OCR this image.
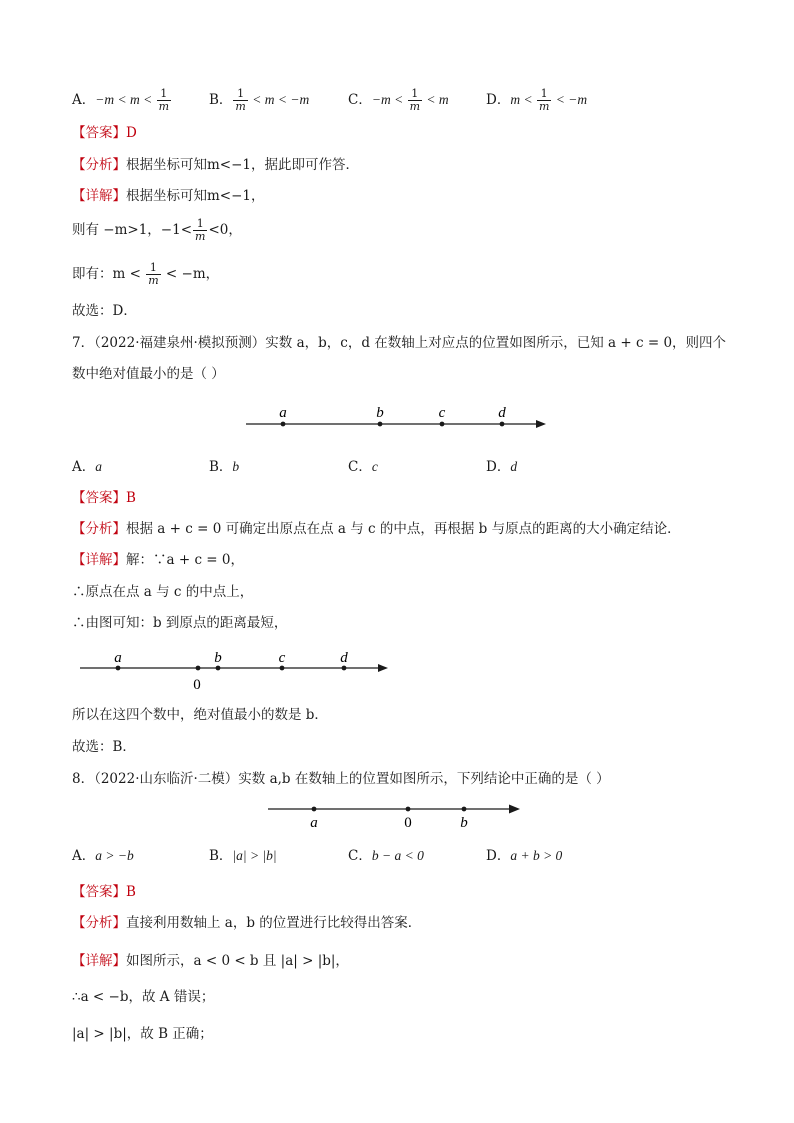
A．$-m < m < \frac{1}{m}$	B． $\frac{1}{m} < m < -m$	C．$-m < \frac{1}{m} < m$	D．$m < \frac{1}{m} < -m$
【答案】D
【分析】根据坐标可知m<−1，据此即可作答．
【详解】根据坐标可知m<−1，
则有 −m>1，$-1< \frac{1}{m} <0$，
即有：$m < \frac{1}{m} < -m$，
故选：D．
7．（2022·福建泉州·模拟预测）实数 a，b，c，d 在数轴上对应点的位置如图所示，已知 a + c = 0，则四个
数中绝对值最小的是（ ）
a	b	c	d
A．a	B．b	C．c	D．d
【答案】B
【分析】根据 a + c = 0 可确定出原点在点 a 与 c 的中点，再根据 b 与原点的距离的大小确定结论．
【详解】解：∵a + c = 0，
∴原点在点 a 与 c 的中点上，
∴由图可知：b 到原点的距离最短，
a	b	c	d
0
所以在这四个数中，绝对值最小的数是 b．
故选：B．
8．（2022·山东临沂·二模）实数 a,b 在数轴上的位置如图所示，下列结论中正确的是（ ）
a	0	b
A．a > −b	B．|a| > |b|	C．b − a < 0	D．a + b > 0
【答案】B
【分析】直接利用数轴上 a，b 的位置进行比较得出答案．
【详解】如图所示，a < 0 < b 且 |a| > |b|，
∴a < −b，故 A 错误；
|a| > |b|，故 B 正确；
